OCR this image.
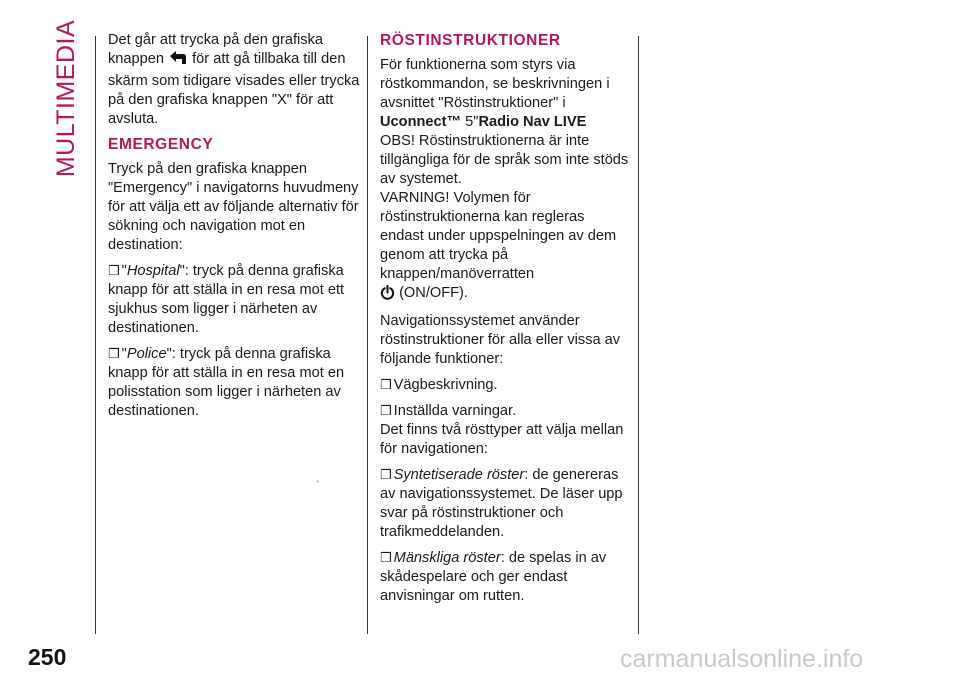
MULTIMEDIA Det går att trycka på den grafiska knappen för att gå tillbaka till den skärm som tidigare visades eller trycka på den grafiska knappen "X" för att avsluta.

EMERGENCY

Tryck på den grafiska knappen "Emergency" i navigatorns huvudmeny för att välja ett av följande alternativ för sökning och navigation mot en destination:

❒ "Hospital": tryck på denna grafiska knapp för att ställa in en resa mot ett sjukhus som ligger i närheten av destinationen.

❒ "Police": tryck på denna grafiska knapp för att ställa in en resa mot en polisstation som ligger i närheten av destinationen.

.
RÖSTINSTRUKTIONER

För funktionerna som styrs via röstkommandon, se beskrivningen i avsnittet "Röstinstruktioner" i
Uconnect™ 5"Radio Nav LIVE

OBS! Röstinstruktionerna är inte tillgängliga för de språk som inte stöds av systemet.

VARNING! Volymen för röstinstruktionerna kan regleras endast under uppspelningen av dem genom att trycka på knappen/manöverratten
(ON/OFF).

Navigationssystemet använder röstinstruktioner för alla eller vissa av följande funktioner:

❒ Vägbeskrivning.

❒ Inställda varningar.

Det finns två rösttyper att välja mellan för navigationen:

❒ Syntetiserade röster: de genereras av navigationssystemet. De läser upp svar på röstinstruktioner och trafikmeddelanden.

❒ Mänskliga röster: de spelas in av skådespelare och ger endast anvisningar om rutten.

250	carmanualsonline.info
